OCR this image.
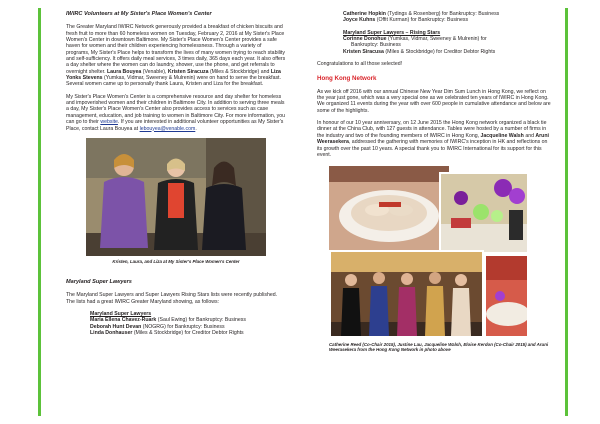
IWIRC Volunteers at My Sister's Place Women's Center

The Greater Maryland IWIRC Network generously provided a breakfast of chicken biscuits and fresh fruit to more than 60 homeless women on Tuesday, February 2, 2016 at My Sister's Place Women's Center in downtown Baltimore. My Sister's Place Women's Center provides a safe haven for women and their children experiencing homelessness. Through a variety of programs, My Sister's Place helps to transform the lives of many women trying to reach stability and self-sufficiency. It offers daily meal services, 3 times daily, 365 days each year. It also offers a day shelter where the women can do laundry, shower, use the phone, and get referrals to overnight shelter. Laura Bouyea (Venable), Kristen Siracuza (Miles & Stockbridge) and Liza Yonks Stevens (Yumkas, Vidmar, Sweeney & Mulrenin) were on hand to serve the breakfast. Several women came up to personally thank Laura, Kristen and Liza for the breakfast.

My Sister's Place Women's Center is a comprehensive resource and day shelter for homeless and impoverished women and their children in Baltimore City. In addition to serving three meals a day, My Sister's Place Women's Center also provides access to services such as case management, education, and job training to women in Baltimore City. For more information, you can go to their website. If you are interested in additional volunteer opportunities as My Sister's Place, contact Laura Bouyea at lebouyea@venable.com.

Kristen, Laura, and Liza at My Sister's Place Women's Center
Maryland Super Lawyers

The Maryland Super Lawyers and Super Lawyers Rising Stars lists were recently published. The lists had a great IWIRC Greater Maryland showing, as follows:

Maryland Super Lawyers
Maria Ellena Chavez-Ruark (Saul Ewing) for Bankruptcy: Business
Deborah Hunt Devan (NOGRG) for Bankruptcy: Business
Linda Donhauser (Miles & Stockbridge) for Creditor Debtor Rights
Catherine Hopkin (Tydings & Rosenberg) for Bankruptcy: Business
Joyce Kuhns (Offit Kurman) for Bankruptcy: Business
Maryland Super Lawyers – Rising Stars
Corinne Donohue (Yumkas, Vidmar, Sweeney & Mulrenin) for
Bankruptcy: Business
Kristen Siracusa (Miles & Stockbridge) for Creditor Debtor Rights

Congratulations to all those selected!

Hong Kong Network

As we kick off 2016 with our annual Chinese New Year Dim Sum Lunch in Hong Kong, we reflect on the year just gone, which was a very special one as we celebrated ten years of IWIRC in Hong Kong. We organized 11 events during the year with over 600 people in cumulative attendance and below are some of the highlights.

In honour of our 10 year anniversary, on 12 June 2015 the Hong Kong network organized a black tie dinner at the China Club, with 127 guests in attendance. Tables were hosted by a number of firms in the industry and two of the founding members of IWIRC in Hong Kong, Jacqueline Walsh and Aruni Weerasekera, addressed the gathering with memories of IWIRC's inception in HK and reflections on its growth over the past 10 years. A special thank you to IWIRC International for its support for this event.

Catherine Reed (Co-Chair 2015), Justine Lau, Jacqueline Walsh, Eloise Kerdon (Co-Chair 2015) and Aruni Weerasekera from the Hong Kong Network in photo above
